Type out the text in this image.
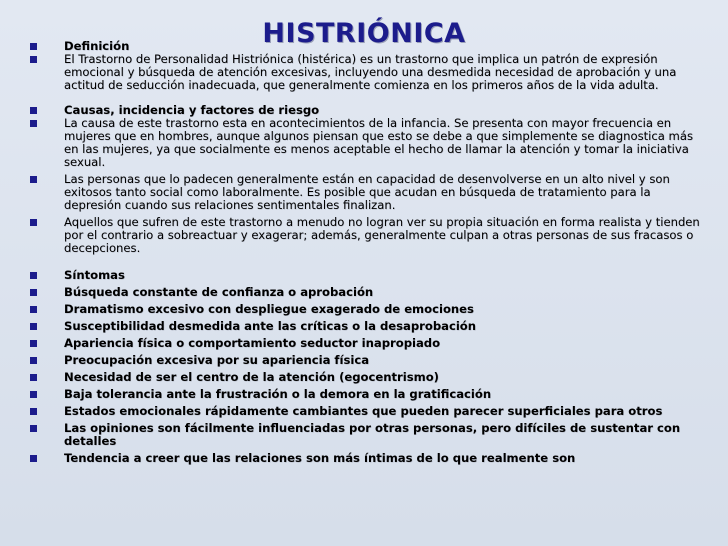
HISTRIÓNICA
Definición
El Trastorno de Personalidad Histriónica (histérica) es un trastorno que implica un patrón de expresión emocional y búsqueda de atención excesivas, incluyendo una desmedida necesidad de aprobación y una actitud de seducción inadecuada, que generalmente comienza en los primeros años de la vida adulta.
Causas, incidencia y factores de riesgo
La causa de este trastorno esta en acontecimientos de la infancia. Se presenta con mayor frecuencia en mujeres que en hombres, aunque algunos piensan que esto se debe a que simplemente se diagnostica más en las mujeres, ya que socialmente es menos aceptable el hecho de llamar la atención y tomar la iniciativa sexual.
Las personas que lo padecen generalmente están en capacidad de desenvolverse en un alto nivel y son exitosos tanto social como laboralmente. Es posible que acudan en búsqueda de tratamiento para la depresión cuando sus relaciones sentimentales finalizan.
Aquellos que sufren de este trastorno a menudo no logran ver su propia situación en forma realista y tienden por el contrario a sobreactuar y exagerar; además, generalmente culpan a otras personas de sus fracasos o decepciones.
Síntomas
Búsqueda constante de confianza o aprobación
Dramatismo excesivo con despliegue exagerado de emociones
Susceptibilidad desmedida ante las críticas o la desaprobación
Apariencia física o comportamiento seductor inapropiado
Preocupación excesiva por su apariencia física
Necesidad de ser el centro de la atención (egocentrismo)
Baja tolerancia ante la frustración o la demora en la gratificación
Estados emocionales rápidamente cambiantes que pueden parecer superficiales para otros
Las opiniones son fácilmente influenciadas por otras personas, pero difíciles de sustentar con detalles
Tendencia a creer que las relaciones son más íntimas de lo que realmente son
